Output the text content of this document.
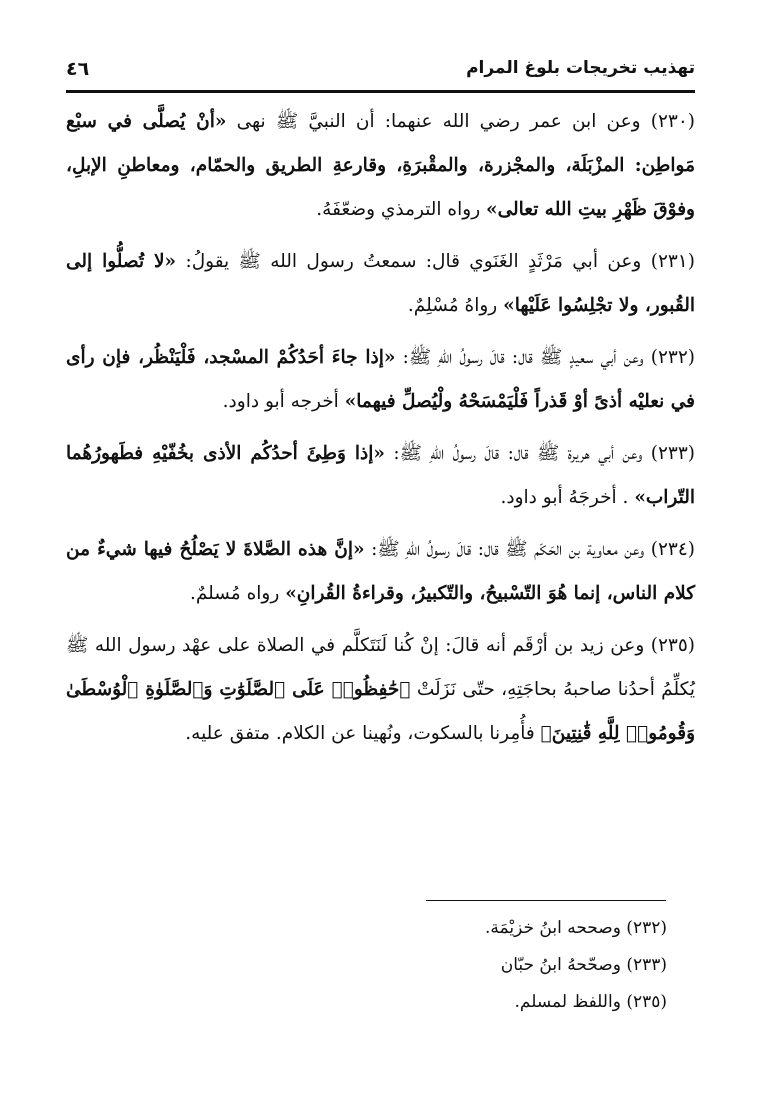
٤٦	تهذيب تخريجات بلوغ المرام

(٢٣٠) وعن ابن عمر رضي الله عنهما: أن النبيَّ ﷺ نهى «أنْ يُصلَّى في سبْع مَواطِن: المزْبَلَة، والمجْزرة، والمقْبرَةِ، وقارعةِ الطريق والحمّام، ومعاطنِ الإبلِ، وفوْقَ ظَهْرِ بيتِ الله تعالى» رواه الترمذي وضعّفَهُ.

(٢٣١) وعن أبي مَرْثَدٍ الغَنَوي قال: سمعتُ رسول الله ﷺ يقولُ: «لا تُصلُّوا إلى القُبور، ولا تجْلِسُوا عَلَيْها» رواهُ مُسْلِمٌ.

(٢٣٢) وعن أبي سعيدٍ ﷺ قال: قالَ رسولُ اللهِ ﷺ: «إذا جاءَ أحَدُكُمْ المسْجد، فَلْيَنْظُر، فإن رأى في نعليْه أذىً أوْ قَذراً فَلْيَمْسَحْهُ ولْيُصلِّ فيهما» أخرجه أبو داود.

(٢٣٣) وعن أبي هريرة ﷺ قال: قالَ رسولُ اللهِ ﷺ: «إذا وَطِئَ أحدُكُم الأذى بخُفّيْهِ فطَهورُهُما التّراب» . أخرجَهُ أبو داود.

(٢٣٤) وعن معاوية بن الحَكَم ﷺ قال: قالَ رسولُ اللهِ ﷺ: «إنَّ هذه الصَّلاةَ لا يَصْلُحُ فيها شيءٌ من كلام الناس، إنما هُوَ التّسْبيحُ، والتّكبيرُ، وقراءةُ القُرانِ» رواه مُسلمٌ.

(٢٣٥) وعن زيد بن أرْقَم أنه قالَ: إنْ كُنا لَنَتَكلَّم في الصلاة على عهْد رسول الله ﷺ يُكلِّمُ أحدُنا صاحبهُ بحاجَتِهِ، حتّى نَزَلَتْ ﴿حَٰفِظُوا۟ عَلَى ٱلصَّلَوَٰتِ وَٱلصَّلَوٰةِ ٱلْوُسْطَىٰ وَقُومُوا۟ لِلَّهِ قَٰنِتِينَ﴾ فأُمِرنا بالسكوت، ونُهينا عن الكلام. متفق عليه.

(٢٣٢) وصححه ابنُ خزيْمَة.

(٢٣٣) وصحّحهُ ابنُ حبّان

(٢٣٥) واللفظ لمسلم.
